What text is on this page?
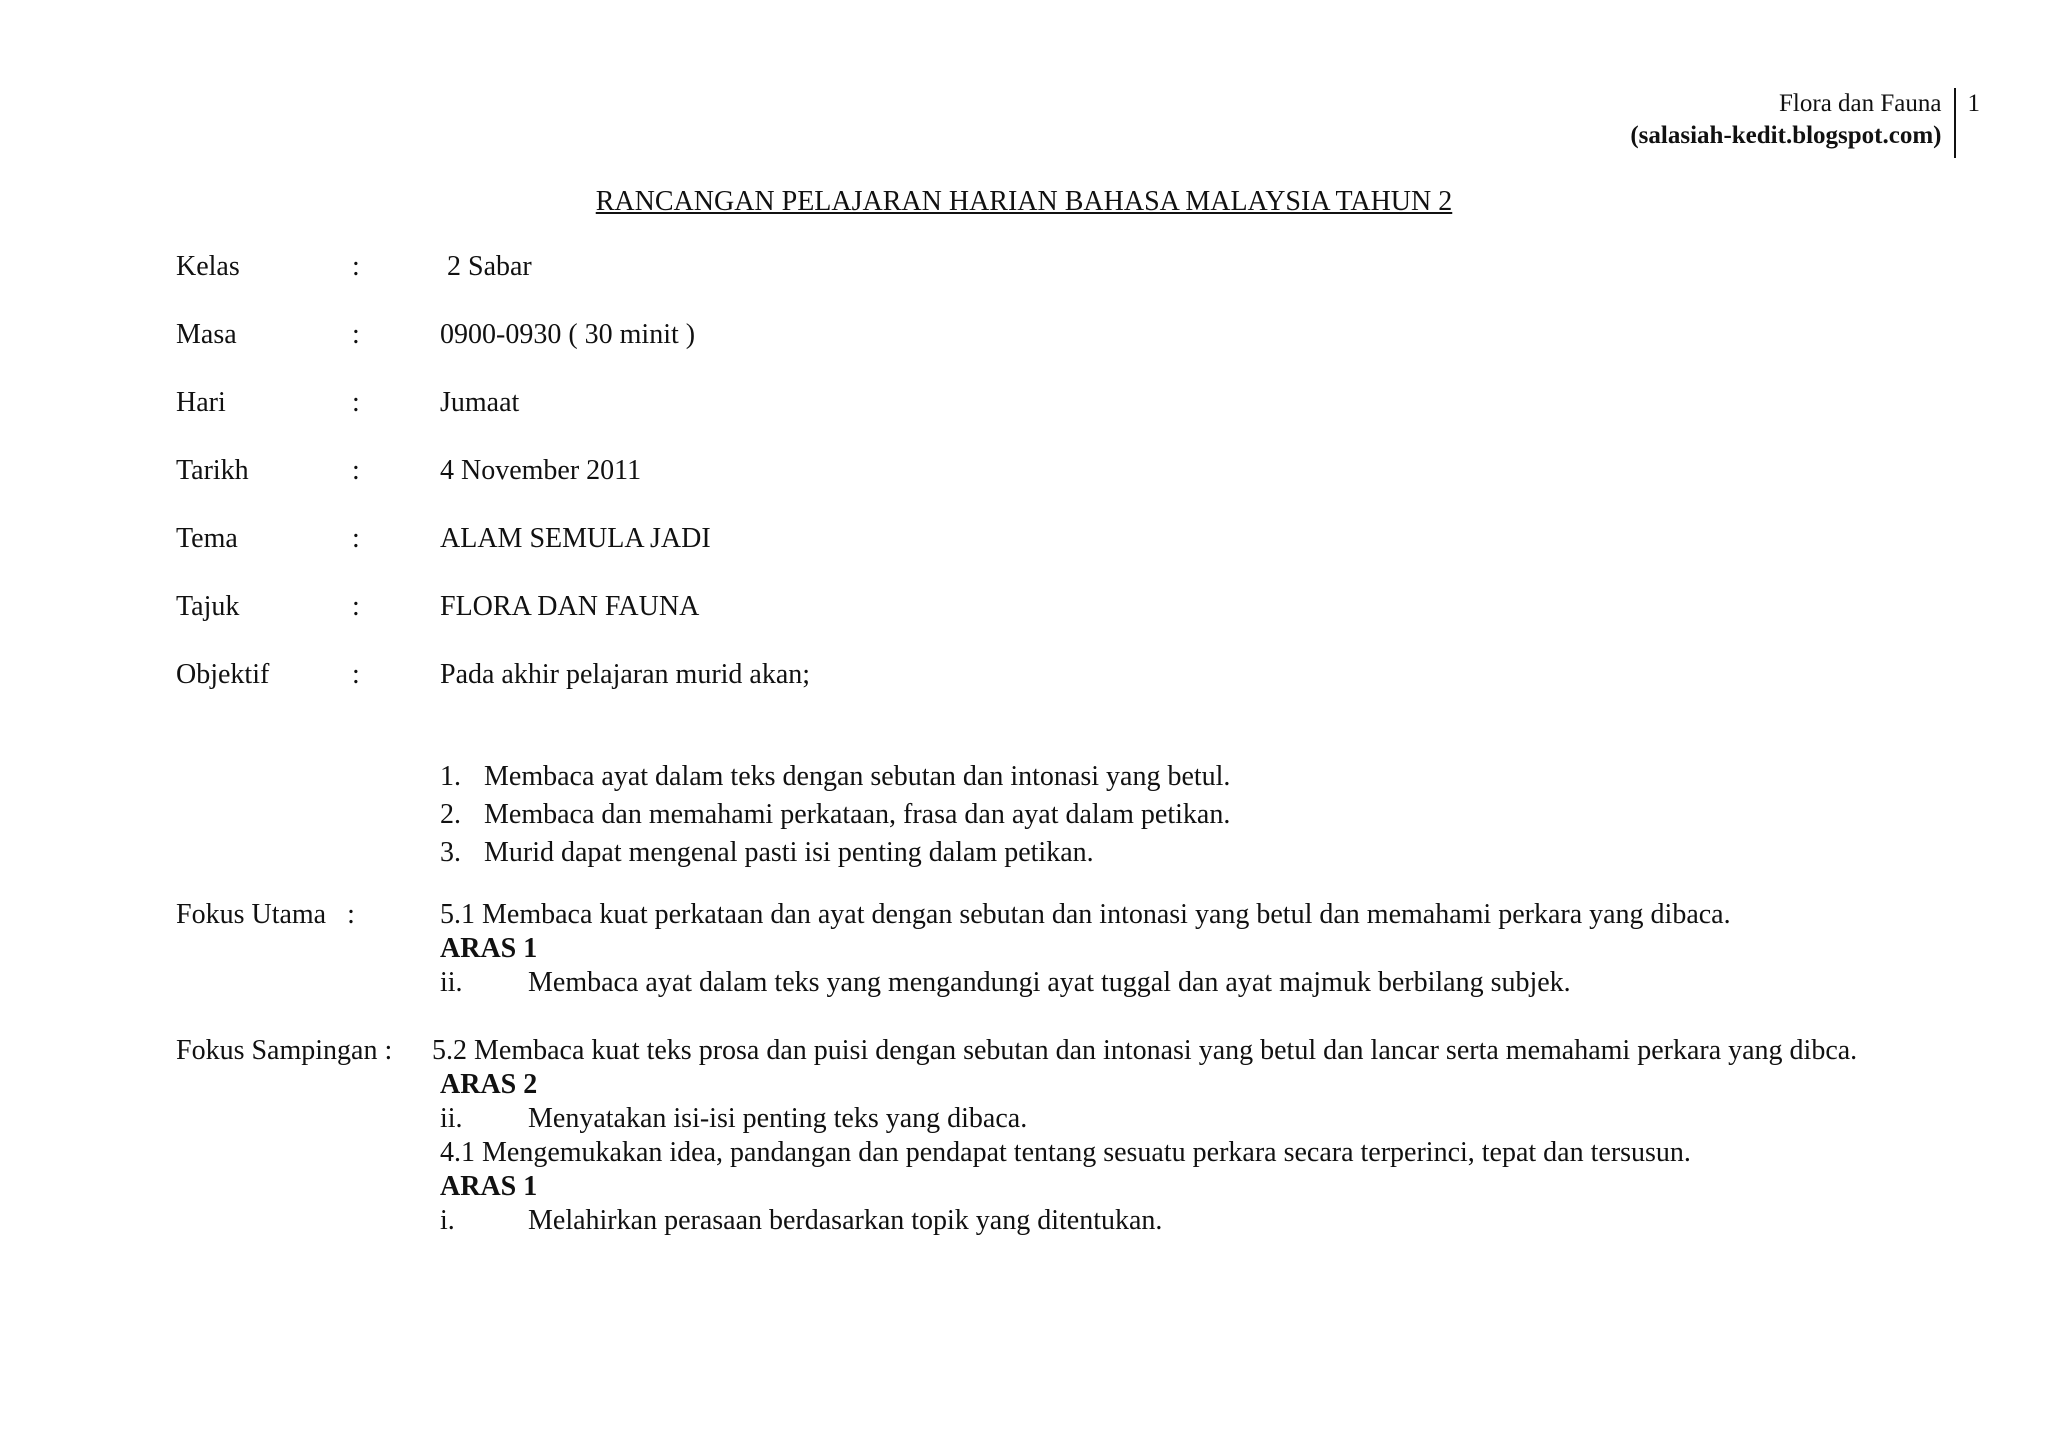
Flora dan Fauna
(salasiah-kedit.blogspot.com)
1
RANCANGAN PELAJARAN HARIAN BAHASA MALAYSIA TAHUN 2
Kelas	:	2 Sabar
Masa	:	0900-0930 ( 30 minit )
Hari	:	Jumaat
Tarikh	:	4 November 2011
Tema	:	ALAM SEMULA JADI
Tajuk	:	FLORA DAN FAUNA
Objektif	:	Pada akhir pelajaran murid akan;
1. Membaca ayat dalam teks dengan sebutan dan intonasi yang betul.
2. Membaca dan memahami perkataan, frasa dan ayat dalam petikan.
3. Murid dapat mengenal pasti isi penting dalam petikan.
Fokus Utama   :	5.1 Membaca kuat perkataan dan ayat dengan sebutan dan intonasi yang betul dan memahami perkara yang dibaca.
ARAS 1
ii.	Membaca ayat dalam teks yang mengandungi ayat tuggal dan ayat majmuk berbilang subjek.
Fokus Sampingan : 5.2 Membaca kuat teks prosa dan puisi dengan sebutan dan intonasi yang betul dan lancar serta memahami perkara yang dibca.
ARAS 2
ii.	Menyatakan isi-isi penting teks yang dibaca.
4.1 Mengemukakan idea, pandangan dan pendapat tentang sesuatu perkara secara terperinci, tepat dan tersusun.
ARAS 1
i.	Melahirkan perasaan berdasarkan topik yang ditentukan.
